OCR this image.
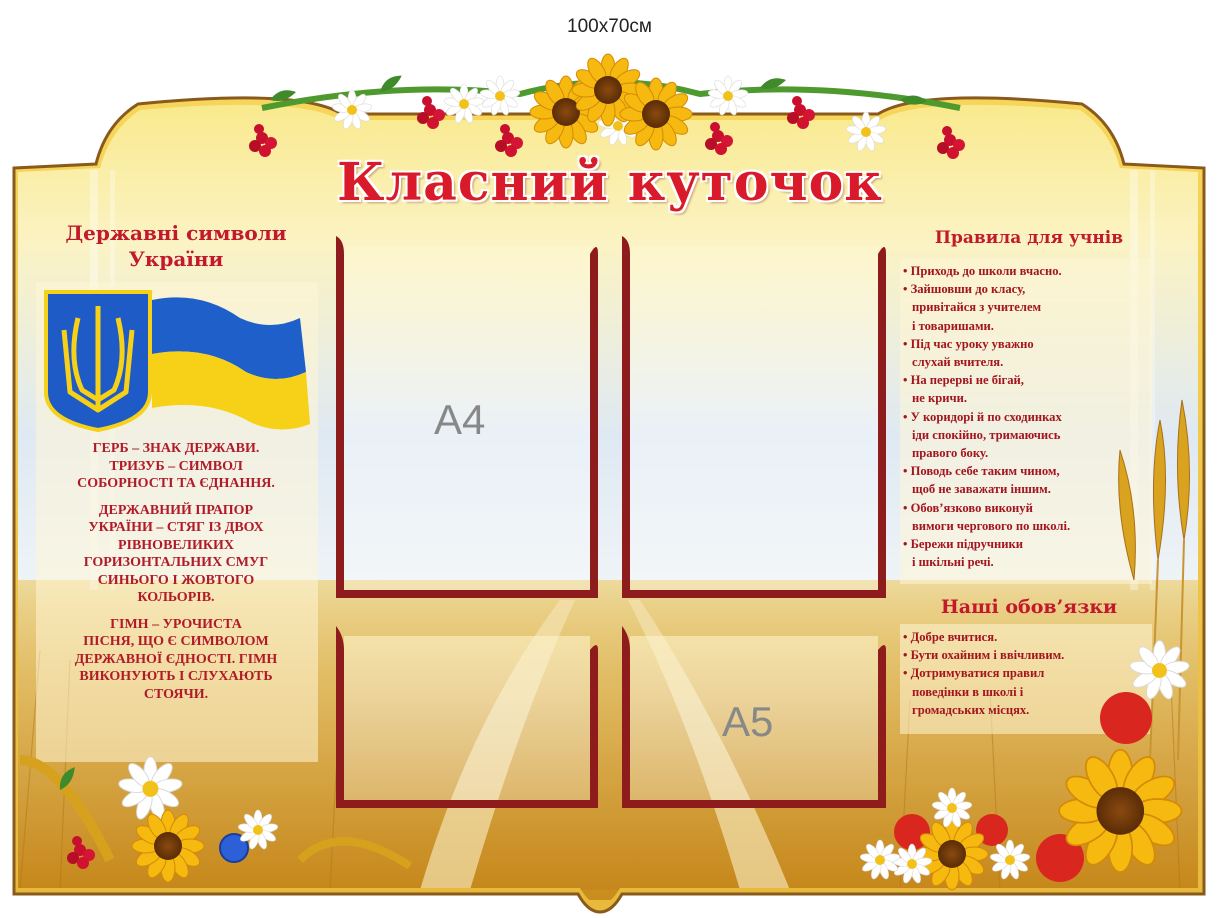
100x70см
Класний куточок
Державні символи
України

ГЕРБ – ЗНАК ДЕРЖАВИ.
ТРИЗУБ – СИМВОЛ
СОБОРНОСТІ ТА ЄДНАННЯ.

ДЕРЖАВНИЙ ПРАПОР
УКРАЇНИ – СТЯГ ІЗ ДВОХ
РІВНОВЕЛИКИХ
ГОРИЗОНТАЛЬНИХ СМУГ
СИНЬОГО І ЖОВТОГО
КОЛЬОРІВ.

ГІМН – УРОЧИСТА
ПІСНЯ, ЩО Є СИМВОЛОМ
ДЕРЖАВНОЇ ЄДНОСТІ. ГІМН
ВИКОНУЮТЬ І СЛУХАЮТЬ
СТОЯЧИ.

Правила для учнів
• Приходь до школи вчасно.
• Зайшовши до класу,
привітайся з учителем
і товаришами.
• Під час уроку уважно
слухай вчителя.
• На перерві не бігай,
не кричи.
• У коридорі й по сходинках
іди спокійно, тримаючись
правого боку.
• Поводь себе таким чином,
щоб не заважати іншим.
• Обов’язково виконуй
вимоги чергового по школі.
• Бережи підручники
і шкільні речі.
Наші обов’язки
• Добре вчитися.
• Бути охайним і ввічливим.
• Дотримуватися правил
поведінки в школі і
громадських місцях.
A4
A5
